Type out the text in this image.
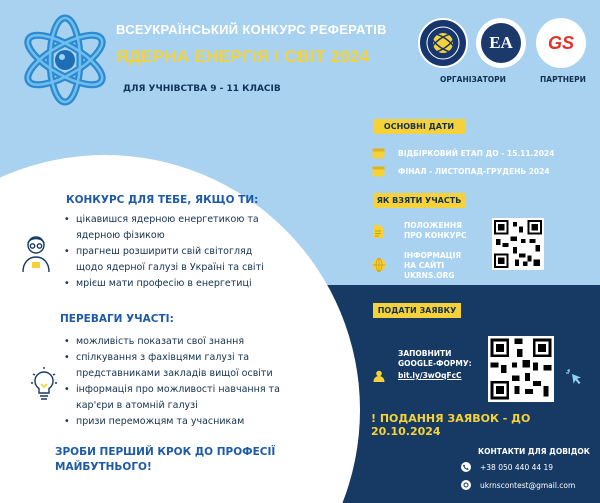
ВСЕУКРАЇНСЬКИЙ КОНКУРС РЕФЕРАТІВ
ЯДЕРНА ЕНЕРГІЯ І СВІТ 2024
ДЛЯ УЧНІВСТВА 9 - 11 КЛАСІВ
EA	GS
ОРГАНІЗАТОРИ	ПАРТНЕРИ
ОСНОВНІ ДАТИ
ВІДБІРКОВИЙ ЕТАП ДО - 15.11.2024
ФІНАЛ - ЛИСТОПАД-ГРУДЕНЬ 2024
ЯК ВЗЯТИ УЧАСТЬ
ПОЛОЖЕННЯ
ПРО КОНКУРС
ІНФОРМАЦІЯ
НА САЙТІ
UKRNS.ORG
КОНКУРС ДЛЯ ТЕБЕ, ЯКЩО ТИ:
• цікавишся ядерною енергетикою та ядерною фізикою
• прагнеш розширити свій світогляд щодо ядерної галузі в Україні та світі
• мрієш мати професію в енергетиці
ПЕРЕВАГИ УЧАСТІ:
• можливість показати свої знання
• спілкування з фахівцями галузі та представниками закладів вищої освіти
• інформація про можливості навчання та кар'єри в атомній галузі
• призи переможцям та учасникам
ЗРОБИ ПЕРШИЙ КРОК ДО ПРОФЕСІЇ МАЙБУТНЬОГО!
ПОДАТИ ЗАЯВКУ
ЗАПОВНИТИ
GOOGLE-ФОРМУ:
bit.ly/3wOqFcC
! ПОДАННЯ ЗАЯВОК - ДО 20.10.2024
КОНТАКТИ ДЛЯ ДОВІДОК
+38 050 440 44 19
ukrnscontest@gmail.com
